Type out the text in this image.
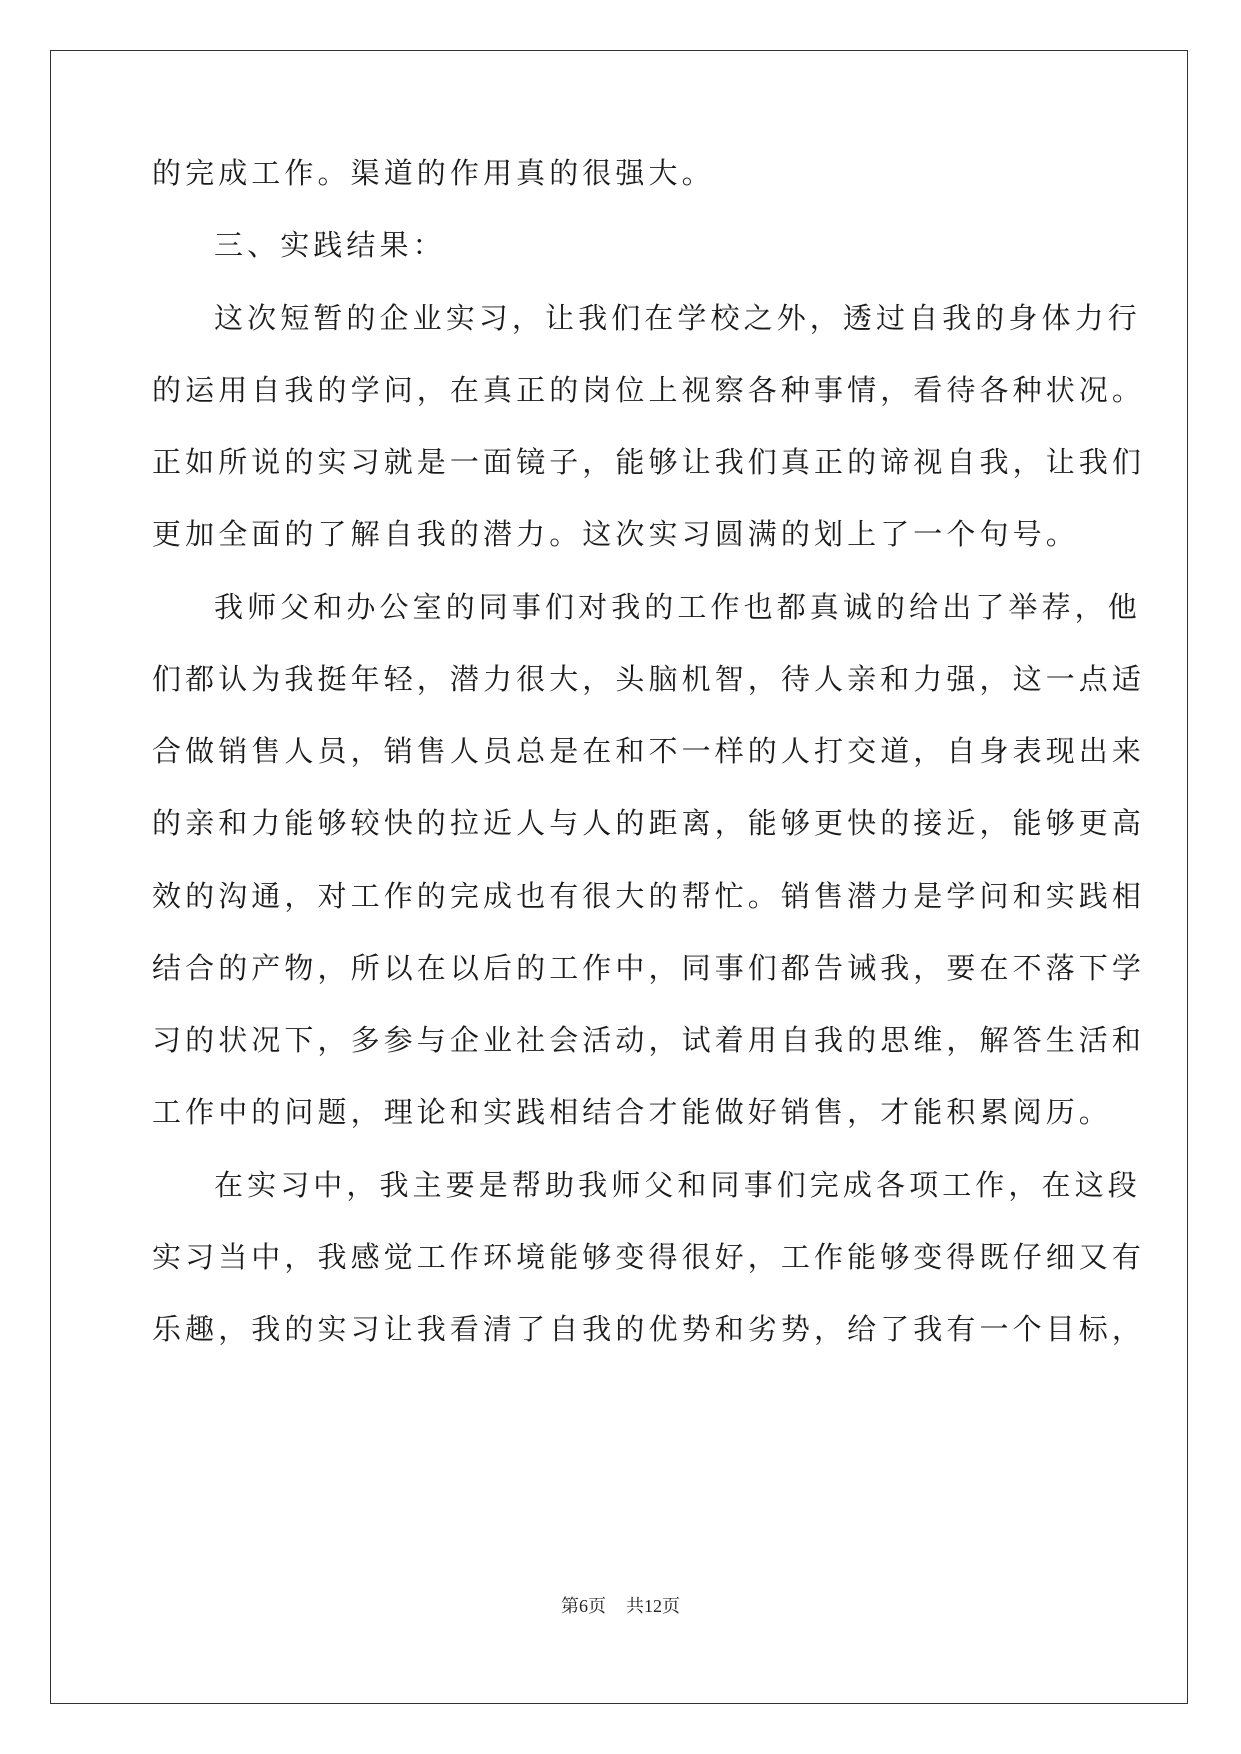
的完成工作。渠道的作用真的很强大。
三、实践结果：
这次短暂的企业实习，让我们在学校之外，透过自我的身体力行
的运用自我的学问，在真正的岗位上视察各种事情，看待各种状况。
正如所说的实习就是一面镜子，能够让我们真正的谛视自我，让我们
更加全面的了解自我的潜力。这次实习圆满的划上了一个句号。
我师父和办公室的同事们对我的工作也都真诚的给出了举荐，他
们都认为我挺年轻，潜力很大，头脑机智，待人亲和力强，这一点适
合做销售人员，销售人员总是在和不一样的人打交道，自身表现出来
的亲和力能够较快的拉近人与人的距离，能够更快的接近，能够更高
效的沟通，对工作的完成也有很大的帮忙。销售潜力是学问和实践相
结合的产物，所以在以后的工作中，同事们都告诫我，要在不落下学
习的状况下，多参与企业社会活动，试着用自我的思维，解答生活和
工作中的问题，理论和实践相结合才能做好销售，才能积累阅历。
在实习中，我主要是帮助我师父和同事们完成各项工作，在这段
实习当中，我感觉工作环境能够变得很好，工作能够变得既仔细又有
乐趣，我的实习让我看清了自我的优势和劣势，给了我有一个目标，
第6页 共12页
